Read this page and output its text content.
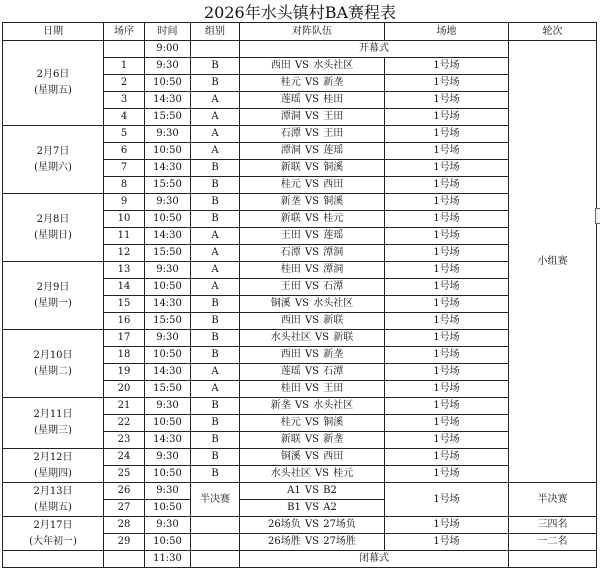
2026年水头镇村BA赛程表
日期	场序	时间	组别	对阵队伍	场地	轮次

2月6日
(星期五)		9:00		开幕式		小组赛
	1	9:30	B	西田 VS 水头社区	1号场	
	2	10:50	B	桂元 VS 新垄	1号场	
	3	14:30	A	莲瑶 VS 桂田	1号场	
	4	15:50	A	潭洞 VS 王田	1号场	

2月7日
(星期六)	5	9:30	A	石潭 VS 王田	1号场	
	6	10:50	A	潭洞 VS 莲瑶	1号场	
	7	14:30	B	新联 VS 铜溪	1号场	
	8	15:50	B	桂元 VS 西田	1号场	

2月8日
(星期日)	9	9:30	B	新垄 VS 铜溪	1号场	
	10	10:50	B	新联 VS 桂元	1号场	
	11	14:30	A	王田 VS 莲瑶	1号场	
	12	15:50	A	石潭 VS 潭洞	1号场	

2月9日
(星期一)	13	9:30	A	桂田 VS 潭洞	1号场	
	14	10:50	A	王田 VS 石潭	1号场	
	15	14:30	B	铜溪 VS 水头社区	1号场	
	16	15:50	B	西田 VS 新联	1号场	

2月10日
(星期二)	17	9:30	B	水头社区 VS 新联	1号场	
	18	10:50	B	西田 VS 新垄	1号场	
	19	14:30	A	莲瑶 VS 石潭	1号场	
	20	15:50	A	桂田 VS 王田	1号场	

2月11日
(星期三)	21	9:30	B	新垄 VS 水头社区	1号场	
	22	10:50	B	桂元 VS 铜溪	1号场	
	23	14:30	B	新联 VS 新垄	1号场	

2月12日
(星期四)	24	9:30	B	铜溪 VS 西田	1号场	
	25	10:50	B	水头社区 VS 桂元	1号场	

2月13日
(星期五)	26	9:30	半决赛	A1 VS B2	1号场	半决赛
	27	10:50		B1 VS A2		

2月17日
(大年初一)	28	9:30		26场负 VS 27场负	1号场	三四名
	29	10:50		26场胜 VS 27场胜	1号场	一二名
		11:30		闭幕式		
